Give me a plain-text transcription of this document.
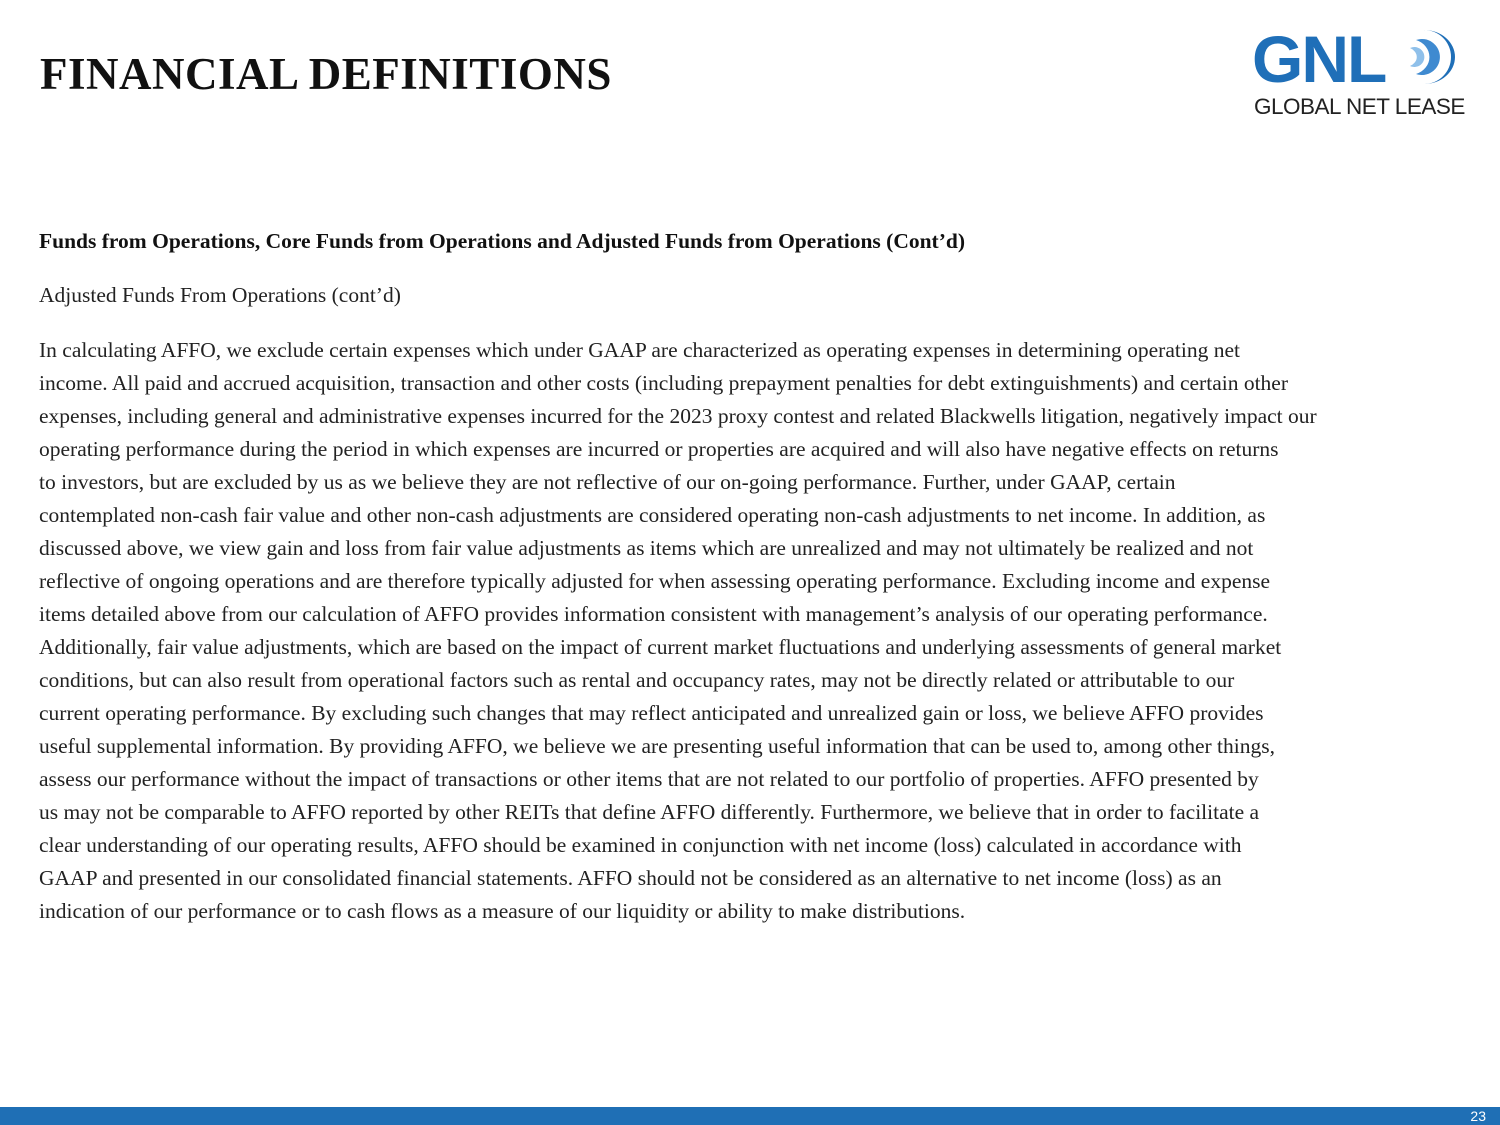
FINANCIAL DEFINITIONS	GNL
GLOBAL NET LEASE
Funds from Operations, Core Funds from Operations and Adjusted Funds from Operations (Cont’d)
Adjusted Funds From Operations (cont’d)
In calculating AFFO, we exclude certain expenses which under GAAP are characterized as operating expenses in determining operating net
income. All paid and accrued acquisition, transaction and other costs (including prepayment penalties for debt extinguishments) and certain other
expenses, including general and administrative expenses incurred for the 2023 proxy contest and related Blackwells litigation, negatively impact our
operating performance during the period in which expenses are incurred or properties are acquired and will also have negative effects on returns
to investors, but are excluded by us as we believe they are not reflective of our on-going performance. Further, under GAAP, certain
contemplated non-cash fair value and other non-cash adjustments are considered operating non-cash adjustments to net income. In addition, as
discussed above, we view gain and loss from fair value adjustments as items which are unrealized and may not ultimately be realized and not
reflective of ongoing operations and are therefore typically adjusted for when assessing operating performance. Excluding income and expense
items detailed above from our calculation of AFFO provides information consistent with management’s analysis of our operating performance.
Additionally, fair value adjustments, which are based on the impact of current market fluctuations and underlying assessments of general market
conditions, but can also result from operational factors such as rental and occupancy rates, may not be directly related or attributable to our
current operating performance. By excluding such changes that may reflect anticipated and unrealized gain or loss, we believe AFFO provides
useful supplemental information. By providing AFFO, we believe we are presenting useful information that can be used to, among other things,
assess our performance without the impact of transactions or other items that are not related to our portfolio of properties. AFFO presented by
us may not be comparable to AFFO reported by other REITs that define AFFO differently. Furthermore, we believe that in order to facilitate a
clear understanding of our operating results, AFFO should be examined in conjunction with net income (loss) calculated in accordance with
GAAP and presented in our consolidated financial statements. AFFO should not be considered as an alternative to net income (loss) as an
indication of our performance or to cash flows as a measure of our liquidity or ability to make distributions.
23
